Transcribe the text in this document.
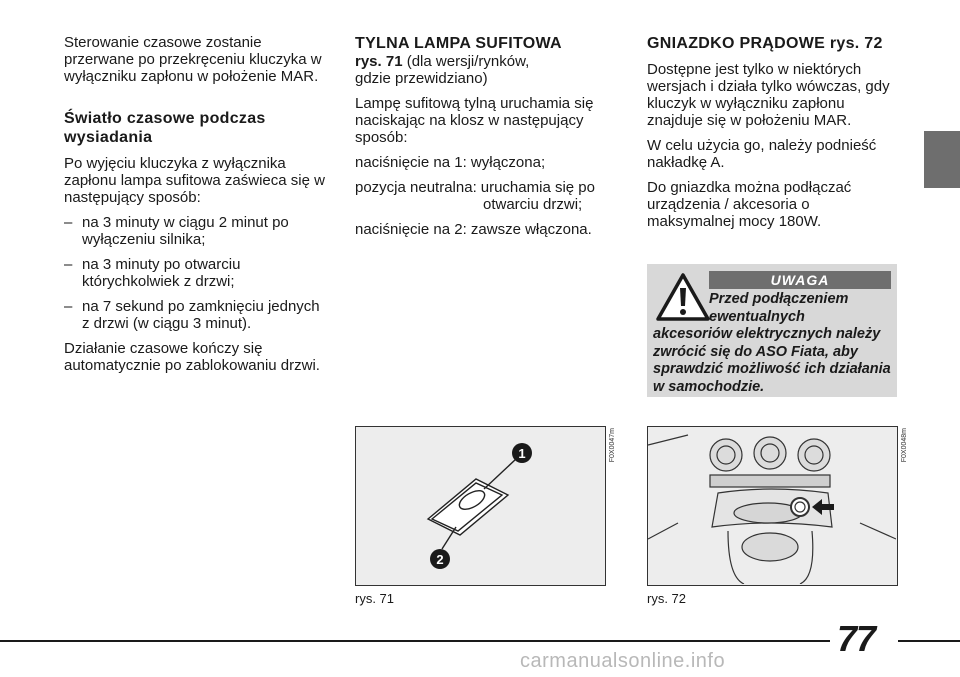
Sterowanie czasowe zostanie przerwane po przekręceniu kluczyka w wyłączniku zapłonu w położenie MAR.

Światło czasowe podczas wysiadania

Po wyjęciu kluczyka z wyłącznika zapłonu lampa sufitowa zaświeca się w następujący sposób:

– na 3 minuty w ciągu 2 minut po wyłączeniu silnika;
– na 3 minuty po otwarciu którychkolwiek z drzwi;
– na 7 sekund po zamknięciu jednych z drzwi (w ciągu 3 minut).

Działanie czasowe kończy się automatycznie po zablokowaniu drzwi.

TYLNA LAMPA SUFITOWA
rys. 71 (dla wersji/rynków,

gdzie przewidziano)

Lampę sufitową tylną uruchamia się naciskając na klosz w następujący sposób:

naciśnięcie na 1: wyłączona;

pozycja neutralna: uruchamia się po
otwarciu drzwi;

naciśnięcie na 2: zawsze włączona.

GNIAZDKO PRĄDOWE rys. 72

Dostępne jest tylko w niektórych wersjach i działa tylko wówczas, gdy kluczyk w wyłączniku zapłonu znajduje się w położeniu MAR.

W celu użycia go, należy podnieść nakładkę A.

Do gniazdka można podłączać urządzenia / akcesoria o maksymalnej mocy 180W.

UWAGA
Przed podłączeniem
ewentualnych
akcesoriów elektrycznych należy zwrócić się do ASO Fiata, aby sprawdzić możliwość ich działania w samochodzie.
1
2
F0X0047m
rys. 71
F0X0048m
rys. 72
77
carmanualsonline.info
